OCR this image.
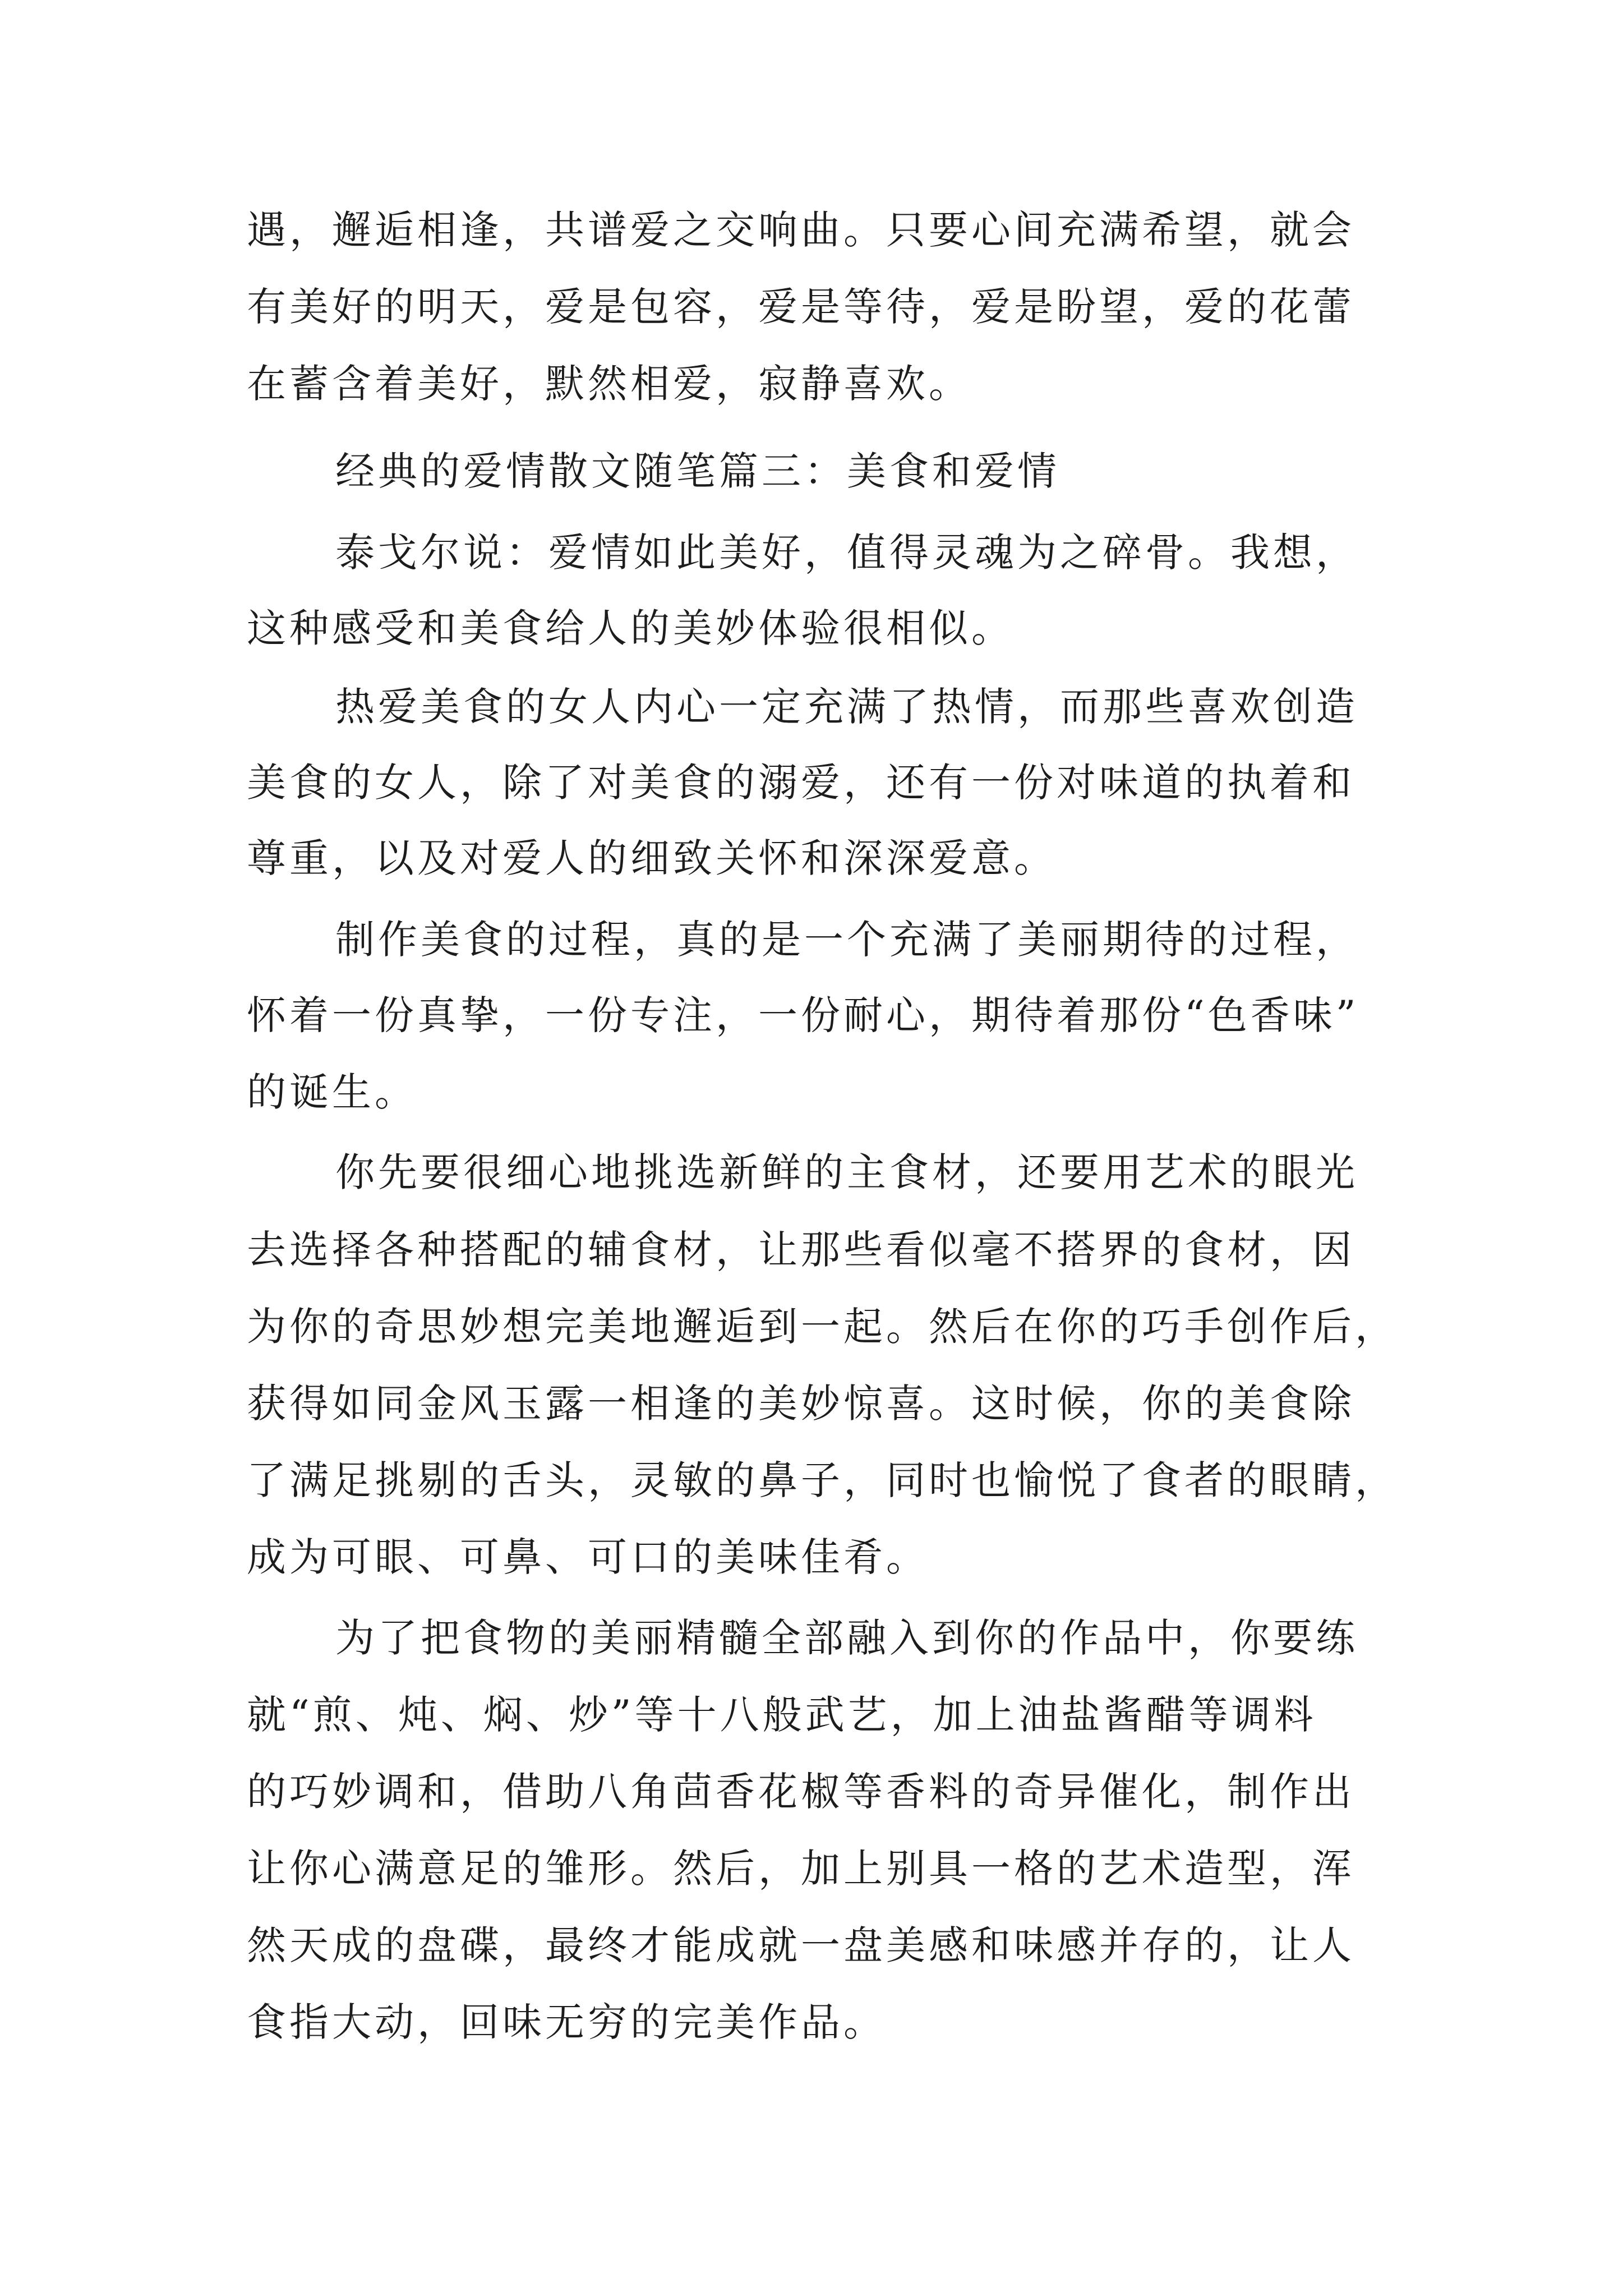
遇，邂逅相逢，共谱爱之交响曲。只要心间充满希望，就会

有美好的明天，爱是包容，爱是等待，爱是盼望，爱的花蕾

在蓄含着美好，默然相爱，寂静喜欢。

经典的爱情散文随笔篇三：美食和爱情

泰戈尔说：爱情如此美好，值得灵魂为之碎骨。我想，

这种感受和美食给人的美妙体验很相似。

热爱美食的女人内心一定充满了热情，而那些喜欢创造

美食的女人，除了对美食的溺爱，还有一份对味道的执着和

尊重，以及对爱人的细致关怀和深深爱意。

制作美食的过程，真的是一个充满了美丽期待的过程，

怀着一份真挚，一份专注，一份耐心，期待着那份“色香味”

的诞生。

你先要很细心地挑选新鲜的主食材，还要用艺术的眼光

去选择各种搭配的辅食材，让那些看似毫不搭界的食材，因

为你的奇思妙想完美地邂逅到一起。然后在你的巧手创作后，

获得如同金风玉露一相逢的美妙惊喜。这时候，你的美食除

了满足挑剔的舌头，灵敏的鼻子，同时也愉悦了食者的眼睛，

成为可眼、可鼻、可口的美味佳肴。

为了把食物的美丽精髓全部融入到你的作品中，你要练

就“煎、炖、焖、炒”等十八般武艺，加上油盐酱醋等调料

的巧妙调和，借助八角茴香花椒等香料的奇异催化，制作出

让你心满意足的雏形。然后，加上别具一格的艺术造型，浑

然天成的盘碟，最终才能成就一盘美感和味感并存的，让人

食指大动，回味无穷的完美作品。
